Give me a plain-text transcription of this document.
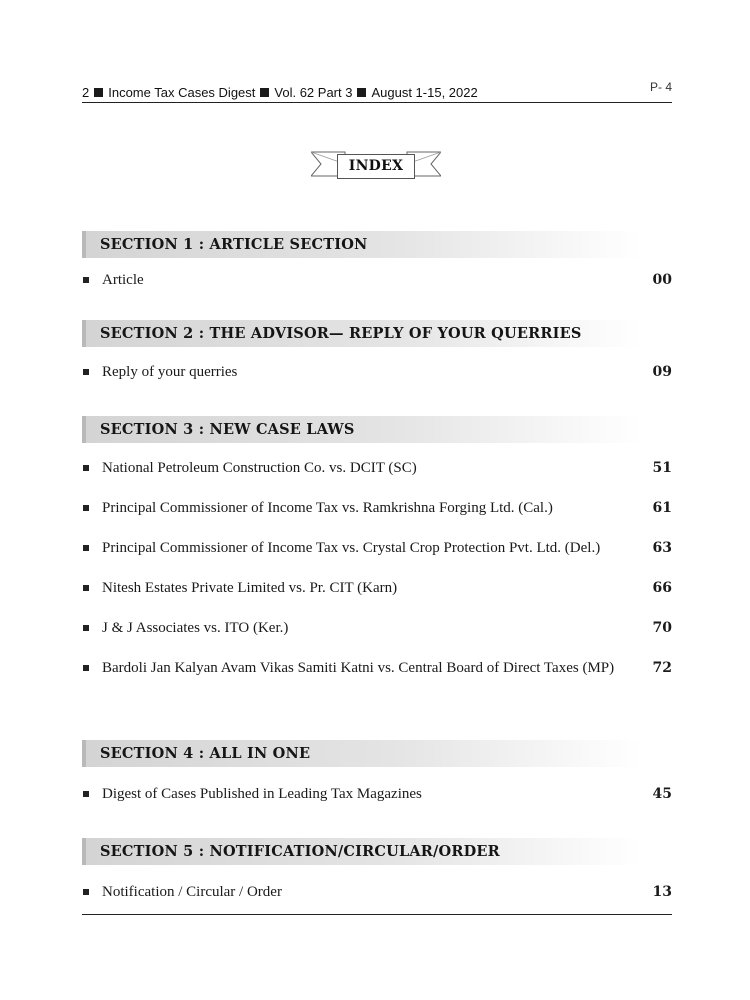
P- 4
2 Income Tax Cases Digest Vol. 62 Part 3 August 1-15, 2022
INDEX
SECTION 1 : ARTICLE SECTION
Article	00
SECTION 2 : THE ADVISOR— REPLY OF YOUR QUERRIES
Reply of your querries	09
SECTION 3 : NEW CASE LAWS
National Petroleum Construction Co. vs. DCIT (SC)	51
Principal Commissioner of Income Tax vs. Ramkrishna Forging Ltd. (Cal.)	61
Principal Commissioner of Income Tax vs. Crystal Crop Protection Pvt. Ltd. (Del.)	63
Nitesh Estates Private Limited vs. Pr. CIT (Karn)	66
J & J Associates vs. ITO (Ker.)	70
Bardoli Jan Kalyan Avam Vikas Samiti Katni vs. Central Board of Direct Taxes (MP)	72
SECTION 4 : ALL IN ONE
Digest of Cases Published in Leading Tax Magazines	45
SECTION 5 : NOTIFICATION/CIRCULAR/ORDER
Notification / Circular / Order	13
